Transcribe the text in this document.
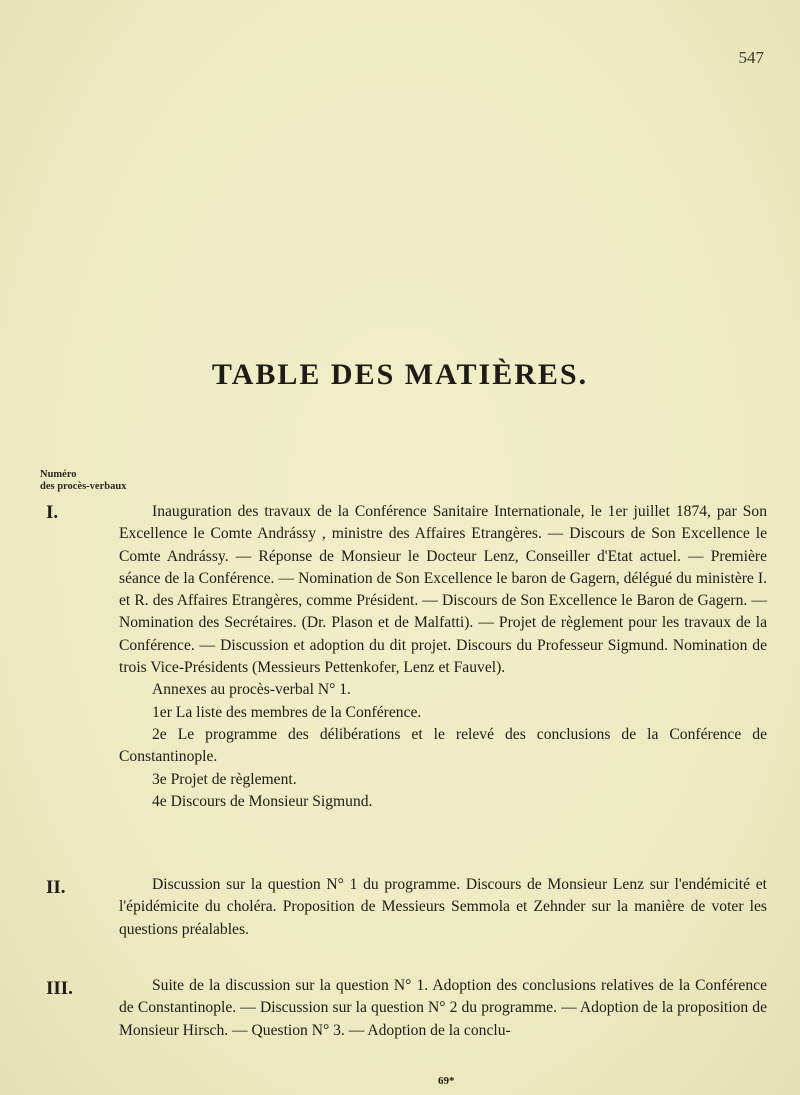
547
TABLE DES MATIÈRES.
Numéro
des procès-verbaux
I.	Inauguration des travaux de la Conférence Sanitaire Internationale, le 1er juillet 1874, par Son Excellence le Comte Andrássy , ministre des Affaires Etrangères. — Discours de Son Excellence le Comte Andrássy. — Réponse de Monsieur le Docteur Lenz, Conseiller d'Etat actuel. — Première séance de la Conférence. — Nomination de Son Excellence le baron de Gagern, délégué du ministère I. et R. des Affaires Etrangères, comme Président. — Discours de Son Excellence le Baron de Gagern. — Nomination des Secrétaires. (Dr. Plason et de Malfatti). — Projet de règlement pour les travaux de la Conférence. — Discussion et adoption du dit projet. Discours du Professeur Sigmund. Nomination de trois Vice-Présidents (Messieurs Pettenkofer, Lenz et Fauvel).

Annexes au procès-verbal N° 1.

1er La liste des membres de la Conférence.

2e Le programme des délibérations et le relevé des conclusions de la Conférence de Constantinople.

3e Projet de règlement.

4e Discours de Monsieur Sigmund.

II.	Discussion sur la question N° 1 du programme. Discours de Monsieur Lenz sur l'endémicité et l'épidémicite du choléra. Proposition de Messieurs Semmola et Zehnder sur la manière de voter les questions préalables.

III.	Suite de la discussion sur la question N° 1. Adoption des conclusions relatives de la Conférence de Constantinople. — Discussion sur la question N° 2 du programme. — Adoption de la proposition de Monsieur Hirsch. — Question N° 3. — Adoption de la conclu-

69*
